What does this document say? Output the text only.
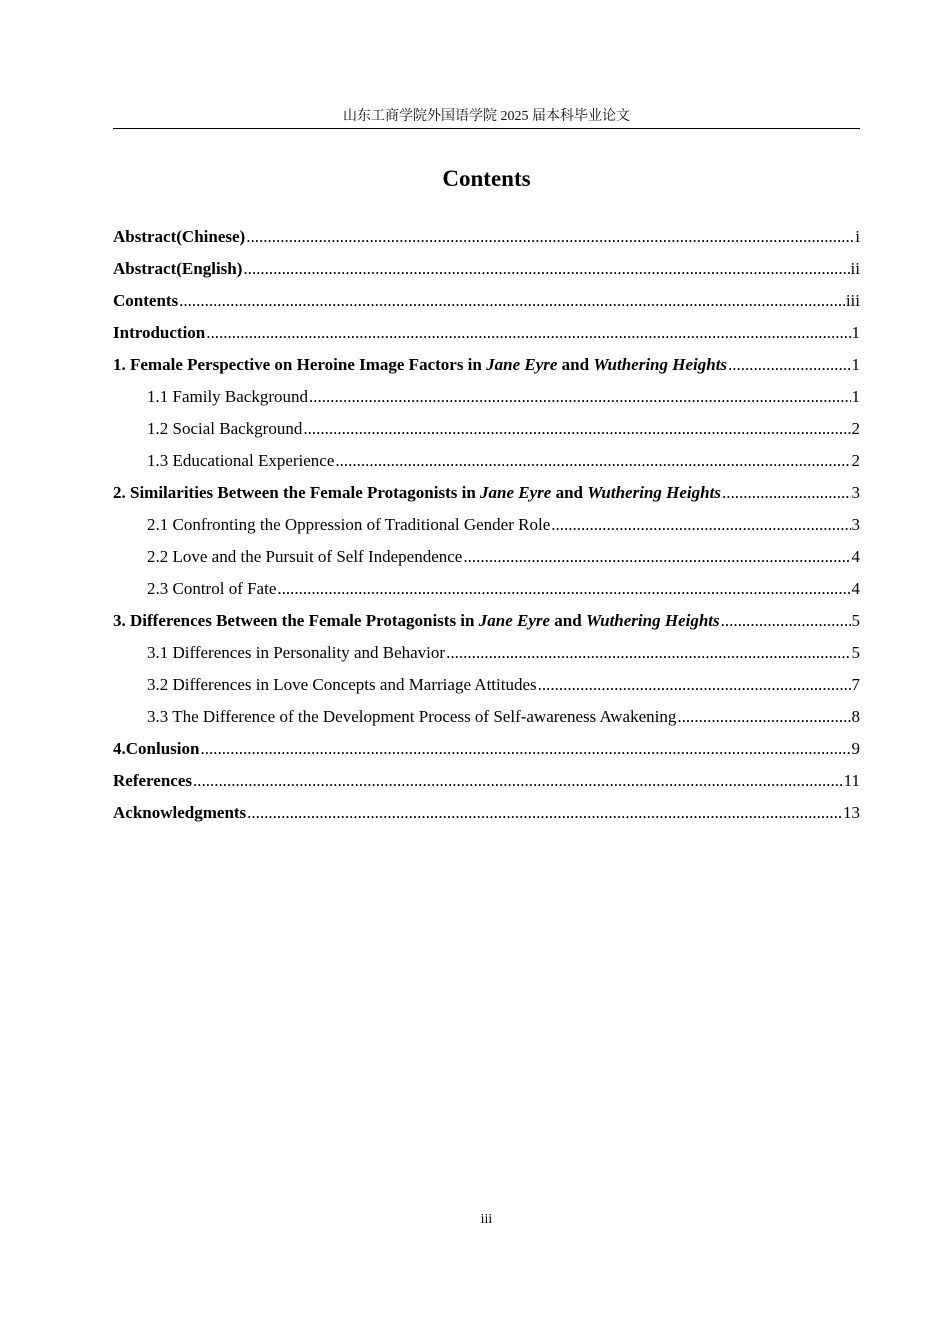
山东工商学院外国语学院 2025 届本科毕业论文
Contents
Abstract(Chinese) .....	i
Abstract(English) .....	ii
Contents .....	iii
Introduction .....	1
1. Female Perspective on Heroine Image Factors in Jane Eyre and Wuthering Heights .....	1
1.1 Family Background .....	1
1.2 Social Background .....	2
1.3 Educational Experience .....	2
2. Similarities Between the Female Protagonists in Jane Eyre and Wuthering Heights .....	3
2.1 Confronting the Oppression of Traditional Gender Role .....	3
2.2 Love and the Pursuit of Self Independence .....	4
2.3 Control of Fate .....	4
3. Differences Between the Female Protagonists in Jane Eyre and Wuthering Heights .....	5
3.1 Differences in Personality and Behavior .....	5
3.2 Differences in Love Concepts and Marriage Attitudes .....	7
3.3 The Difference of the Development Process of Self-awareness Awakening .....	8
4.Conlusion .....	9
References .....	11
Acknowledgments .....	13
iii
